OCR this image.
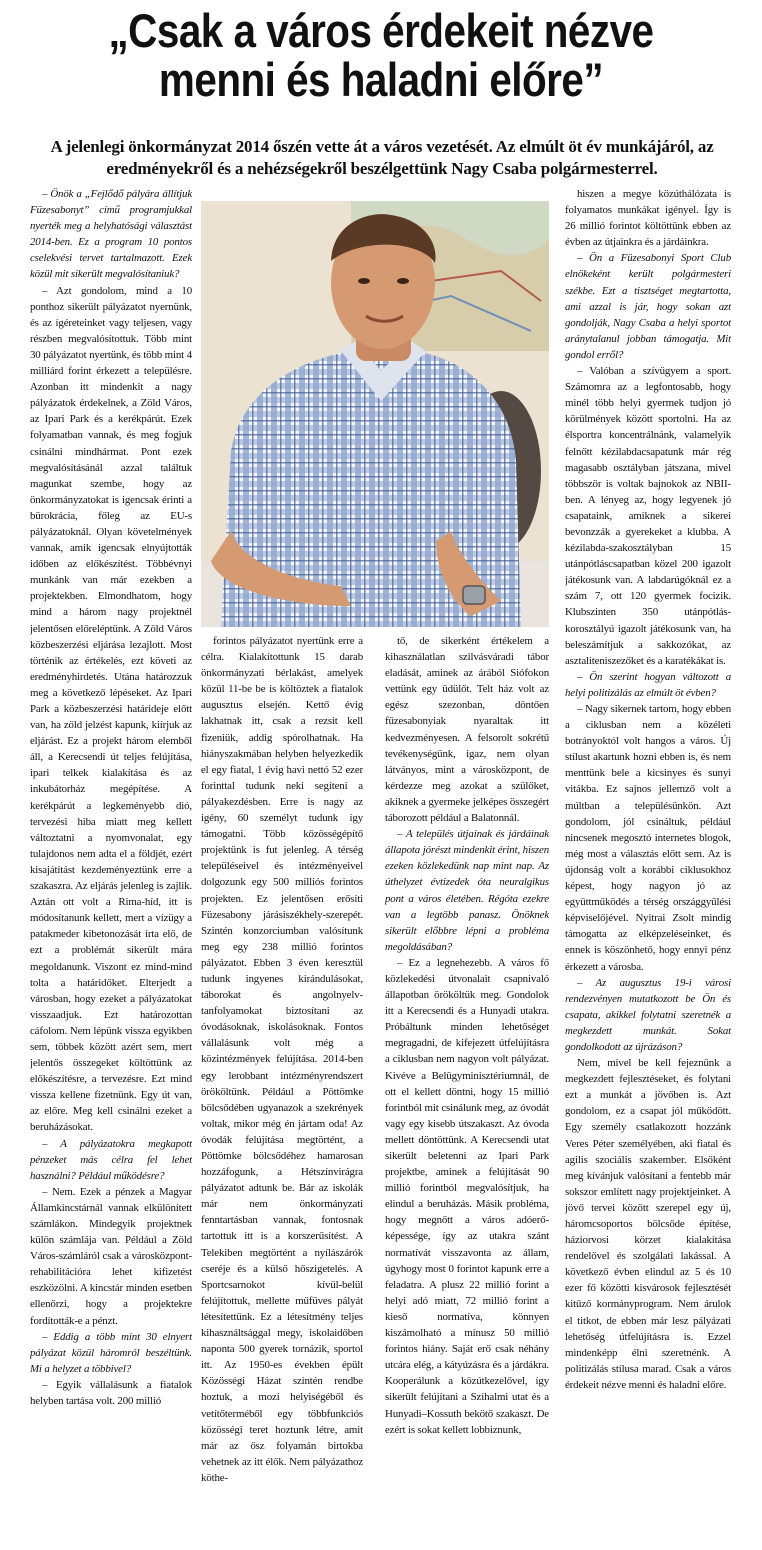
„Csak a város érdekeit nézve
menni és haladni előre”
A jelenlegi önkormányzat 2014 őszén vette át a város vezetését. Az elmúlt öt év munkájáról, az eredményekről és a nehézségekről beszélgettünk Nagy Csaba polgármesterrel.

– Önök a „Fejlődő pályára állítjuk Füzesabonyt” című programjukkal nyerték meg a helyhatósági választást 2014-ben. Ez a program 10 pontos cselekvési tervet tartalmazott. Ezek közül mit sikerült megvalósítaniuk?

– Azt gondolom, mind a 10 ponthoz sikerült pályázatot nyernünk, és az ígéreteinket vagy teljesen, vagy részben megvalósítottuk. Több mint 30 pályázatot nyertünk, és több mint 4 milliárd forint érkezett a településre. Azonban itt mindenkit a nagy pályázatok érdekelnek, a Zöld Város, az Ipari Park és a kerékpárút. Ezek folyamatban vannak, és meg fogjuk csinálni mindhármat. Pont ezek megvalósításánál azzal találtuk magunkat szembe, hogy az önkormányzatokat is igencsak érinti a bürokrácia, főleg az EU-s pályázatoknál. Olyan követelmények vannak, amik igencsak elnyújtották időben az előkészítést. Többévnyi munkánk van már ezekben a projektekben. Elmondhatom, hogy mind a három nagy projektnél jelentősen előreléptünk. A Zöld Város közbeszerzési eljárása lezajlott. Most történik az értékelés, ezt követi az eredményhirdetés. Utána határozzuk meg a következő lépéseket. Az Ipari Park a közbeszerzési határideje előtt van, ha zöld jelzést kapunk, kiírjuk az eljárást. Ez a projekt három elemből áll, a Kerecsendi út teljes felújítása, ipari telkek kialakítása és az inkubátorház megépítése. A kerékpárút a legkeményebb dió, tervezési hiba miatt meg kellett változtatni a nyomvonalat, egy tulajdonos nem adta el a földjét, ezért kisajátítást kezdeményeztünk erre a szakaszra. Az eljárás jelenleg is zajlik. Aztán ott volt a Rima-híd, itt is módosítanunk kellett, mert a vízügy a patakmeder kibetonozását írta elő, de ezt a problémát sikerült mára megoldanunk. Viszont ez mind-mind tolta a határidőket. Elterjedt a városban, hogy ezeket a pályázatokat visszaadjuk. Ezt határozottan cáfolom. Nem lépünk vissza egyikben sem, többek között azért sem, mert jelentős összegeket költöttünk az előkészítésre, a tervezésre. Ezt mind vissza kellene fizetnünk. Egy út van, az előre. Meg kell csinálni ezeket a beruházásokat.

– A pályázatokra megkapott pénzeket más célra fel lehet használni? Például működésre?

– Nem. Ezek a pénzek a Magyar Államkincstárnál vannak elkülönített számlákon. Mindegyik projektnek külön számlája van. Például a Zöld Város-számláról csak a városközpont-rehabilitációra lehet kifizetést eszközölni. A kincstár minden esetben ellenőrzi, hogy a projektekre fordították-e a pénzt.

– Eddig a több mint 30 elnyert pályázat közül háromról beszéltünk. Mi a helyzet a többivel?

– Egyik vállalásunk a fiatalok helyben tartása volt. 200 millió

forintos pályázatot nyertünk erre a célra. Kialakítottunk 15 darab önkormányzati bérlakást, amelyek közül 11-be be is költöztek a fiatalok augusztus elsején. Kettő évig lakhatnak itt, csak a rezsit kell fizeniük, addig spórolhatnak. Ha hiányszakmában helyben helyezkedik el egy fiatal, 1 évig havi nettó 52 ezer forinttal tudunk neki segíteni a pályakezdésben. Erre is nagy az igény, 60 személyt tudunk így támogatni. Több közösségépítő projektünk is fut jelenleg. A térség településeivel és intézményeivel dolgozunk egy 500 milliós forintos projekten. Ez jelentősen erősíti Füzesabony járásiszékhely-szerepét. Szintén konzorciumban valósítunk meg egy 238 millió forintos pályázatot. Ebben 3 éven keresztül tudunk ingyenes kirándulásokat, táborokat és angolnyelv-tanfolyamokat biztosítani az óvodásoknak, iskolásoknak. Fontos vállalásunk volt még a közintézmények felújítása. 2014-ben egy lerobbant intézményrendszert örököltünk. Például a Pöttömke bölcsődében ugyanazok a szekrények voltak, mikor még én jártam oda! Az óvodák felújítása megtörtént, a Pöttömke bölcsődéhez hamarosan hozzáfogunk, a Hétszínvirágra pályázatot adtunk be. Bár az iskolák már nem önkormányzati fenntartásban vannak, fontosnak tartottuk itt is a korszerűsítést. A Telekiben megtörtént a nyílászárók cseréje és a külső hőszigetelés. A Sportcsarnokot kívül-belül felújítottuk, mellette műfüves pályát létesítettünk. Ez a létesítmény teljes kihasználtsággal megy, iskolaidőben naponta 500 gyerek tornázik, sportol itt. Az 1950-es években épült Közösségi Házat szintén rendbe hoztuk, a mozi helyiségéből és vetítőterméből egy többfunkciós közösségi teret hoztunk létre, amit már az ősz folyamán birtokba vehetnek az itt élők. Nem pályázathoz köthe-

tő, de sikerként értékelem a kihasználatlan szilvásváradi tábor eladását, aminek az árából Siófokon vettünk egy üdülőt. Telt ház volt az egész szezonban, döntően füzesabonyiak nyaraltak itt kedvezményesen. A felsorolt sokrétű tevékenységünk, igaz, nem olyan látványos, mint a városközpont, de kérdezze meg azokat a szülőket, akiknek a gyermeke jelképes összegért táborozott például a Balatonnál.

– A település útjainak és járdáinak állapota jórészt mindenkit érint, hiszen ezeken közlekedünk nap mint nap. Az úthelyzet évtizedek óta neuralgikus pont a város életében. Régóta ezekre van a legtöbb panasz. Önöknek sikerült előbbre lépni a probléma megoldásában?

– Ez a legnehezebb. A város fő közlekedési útvonalait csapnivaló állapotban örököltük meg. Gondolok itt a Kerecsendi és a Hunyadi utakra. Próbáltunk minden lehetőséget megragadni, de kifejezett útfelújításra a ciklusban nem nagyon volt pályázat. Kivéve a Belügyminisztériumnál, de ott el kellett döntni, hogy 15 millió forintból mit csinálunk meg, az óvodát vagy egy kisebb útszakaszt. Az óvoda mellett döntöttünk. A Kerecsendi utat sikerült beletenni az Ipari Park projektbe, aminek a felújítását 90 millió forintból megvalósítjuk, ha elindul a beruházás. Másik probléma, hogy megnőtt a város adóerő-képessége, így az utakra szánt normatívát visszavonta az állam, úgyhogy most 0 forintot kapunk erre a feladatra. A plusz 22 millió forint a helyi adó miatt, 72 millió forint a kieső normatíva, könnyen kiszámolható a mínusz 50 millió forintos hiány. Saját erő csak néhány utcára elég, a kátyúzásra és a járdákra. Kooperálunk a közútkezelővel, így sikerült felújítani a Szihalmi utat és a Hunyadi–Kossuth bekötő szakaszt. De ezért is sokat kellett lobbiznunk,

hiszen a megye közúthálózata is folyamatos munkákat igényel. Így is 26 millió forintot költöttünk ebben az évben az útjainkra és a járdáinkra.

– Ön a Füzesabonyi Sport Club elnökeként került polgármesteri székbe. Ezt a tisztséget megtartotta, ami azzal is jár, hogy sokan azt gondolják, Nagy Csaba a helyi sportot aránytalanul jobban támogatja. Mit gondol erről?

– Valóban a szívügyem a sport. Számomra az a legfontosabb, hogy minél több helyi gyermek tudjon jó körülmények között sportolni. Ha az élsportra koncentrálnánk, valamelyik felnőtt kézilabdacsapatunk már rég magasabb osztályban játszana, mivel többször is voltak bajnokok az NBII-ben. A lényeg az, hogy legyenek jó csapataink, amiknek a sikerei bevonzzák a gyerekeket a klubba. A kézilabda-szakosztályban 15 utánpótláscsapatban közel 200 igazolt játékosunk van. A labdarúgóknál ez a szám 7, ott 120 gyermek focizik. Klubszinten 350 utánpótlás-korosztályú igazolt játékosunk van, ha beleszámítjuk a sakkozókat, az asztaliteniszezőket és a karatékákat is.

– Ön szerint hogyan változott a helyi politizálás az elmúlt öt évben?

– Nagy sikernek tartom, hogy ebben a ciklusban nem a közéleti botrányoktól volt hangos a város. Új stílust akartunk hozni ebben is, és nem menttünk bele a kicsinyes és sunyi vitákba. Ez sajnos jellemző volt a múltban a településünkön. Azt gondolom, jól csináltuk, például nincsenek megosztó internetes blogok, még most a választás előtt sem. Az is újdonság volt a korábbi ciklusokhoz képest, hogy nagyon jó az együttműködés a térség országgyűlési képviselőjével. Nyitrai Zsolt mindig támogatta az elképzeléseinket, és ennek is köszönhető, hogy ennyi pénz érkezett a városba.

– Az augusztus 19-i városi rendezvényen mutatkozott be Ön és csapata, akikkel folytatni szeretnék a megkezdett munkát. Sokat gondolkodott az újrázáson?

Nem, mivel be kell fejeznünk a megkezdett fejlesztéseket, és folytani ezt a munkát a jövőben is. Azt gondolom, ez a csapat jól működött. Egy személy csatlakozott hozzánk Veres Péter személyében, aki fiatal és agilis szociális szakember. Elsőként meg kívánjuk valósítani a fentebb már sokszor említett nagy projektjeinket. A jövő tervei között szerepel egy új, háromcsoportos bölcsőde építése, háziorvosi körzet kialakítása rendelővel és szolgálati lakással. A következő évben elindul az 5 és 10 ezer fő közötti kisvárosok fejlesztését kitűző kormányprogram. Nem árulok el titkot, de ebben már lesz pályázati lehetőség útfelújításra is. Ezzel mindenképp élni szeretnénk. A politizálás stílusa marad. Csak a város érdekeit nézve menni és haladni előre.
